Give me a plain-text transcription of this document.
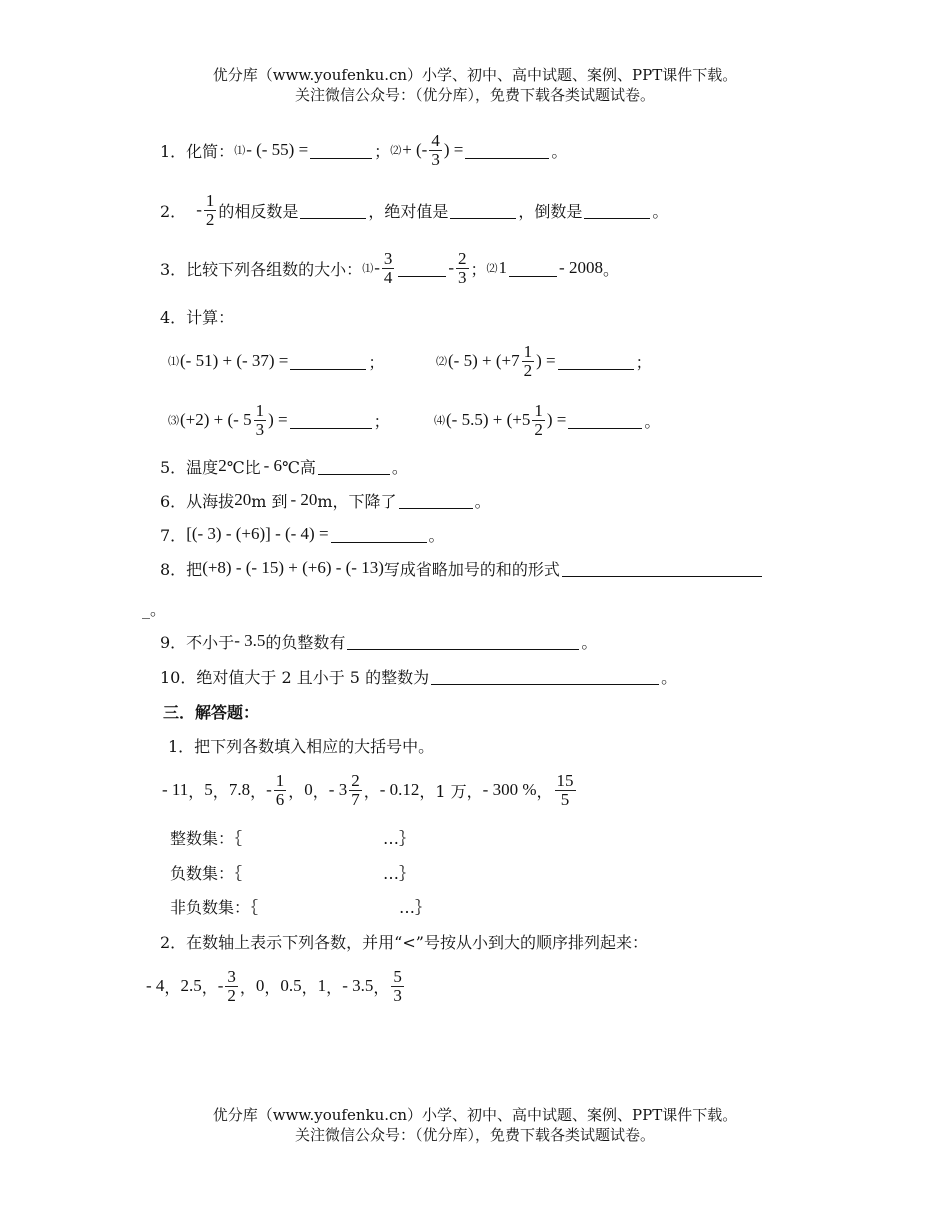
优分库（www.youfenku.cn）小学、初中、高中试题、案例、PPT课件下载。
关注微信公众号：（优分库），免费下载各类试题试卷。
1．化简： ⑴ - (- 55) =	； ⑵ + (- $\frac{4}{3}$ ) =	。
2． - $\frac{1}{2}$ 的相反数是	，绝对值是	，倒数是	。
3．比较下列各组数的大小： ⑴ - $\frac{3}{4}$	- $\frac{2}{3}$ ； ⑵ 1	- 2008 。
4．计算：
⑴ (- 51) + (- 37) =	；	⑵ (- $5) + (+7 \frac{1}{2}$ ) =	；
⑶ (+2) + (- $5 \frac{1}{3}$ ) =	；	⑷ (- $5.5) + (+5 \frac{1}{2}$ ) =	。
5．温度 2 ℃比 - 6 ℃高	。
6．从海拔 20 m 到 - 20 m，下降了	。
7． [(- 3) - (+6)] - (- 4) =	。
8．把 (+8) - (- 15) + (+6) - (- 13) 写成省略加号的和的形式
_。
9．不小于 - 3.5 的负整数有	。
10．绝对值大于 2 且小于 5 的整数为	。
三．解答题：
1．把下列各数填入相应的大括号中。
- 11 ， 5 ， 7.8 ， - $\frac{1}{6}$ ， 0 ， - $3 \frac{2}{7}$ ， - 0.12 ，1 万， - 300 % ， $\frac{15}{5}$
整数集：｛	…｝
负数集：｛	…｝
非负数集：｛	…｝
2．在数轴上表示下列各数，并用“<”号按从小到大的顺序排列起来：
- 4 ， 2.5 ， - $\frac{3}{2}$ ， 0 ， 0.5 ， 1 ， - 3.5 ， $\frac{5}{3}$
优分库（www.youfenku.cn）小学、初中、高中试题、案例、PPT课件下载。
关注微信公众号：（优分库），免费下载各类试题试卷。
